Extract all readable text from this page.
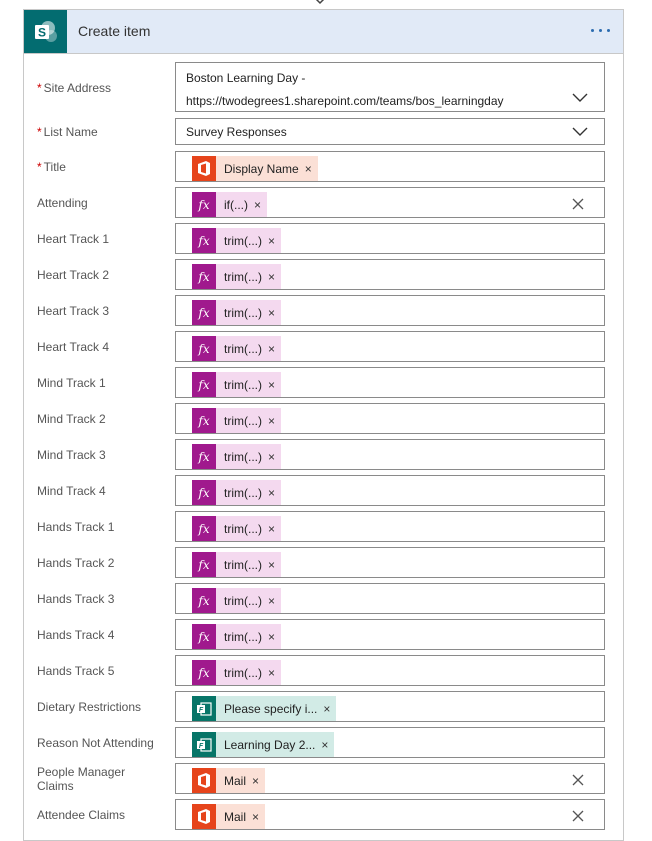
S Create item
* Site Address
Boston Learning Day -
https://twodegrees1.sharepoint.com/teams/bos_learningday
* List Name	Survey Responses
* Title	Display Name ×
Attending	fx	if(...) ×
Heart Track 1	fx	trim(...) ×
Heart Track 2	fx	trim(...) ×
Heart Track 3	fx	trim(...) ×
Heart Track 4	fx	trim(...) ×
Mind Track 1	fx	trim(...) ×
Mind Track 2	fx	trim(...) ×
Mind Track 3	fx	trim(...) ×
Mind Track 4	fx	trim(...) ×
Hands Track 1	fx	trim(...) ×
Hands Track 2	fx	trim(...) ×
Hands Track 3	fx	trim(...) ×
Hands Track 4	fx	trim(...) ×
Hands Track 5	fx	trim(...) ×
Dietary Restrictions	F Please specify i... ×
Reason Not Attending	F Learning Day 2... ×
People Manager
Claims	Mail ×
Attendee Claims	Mail ×
